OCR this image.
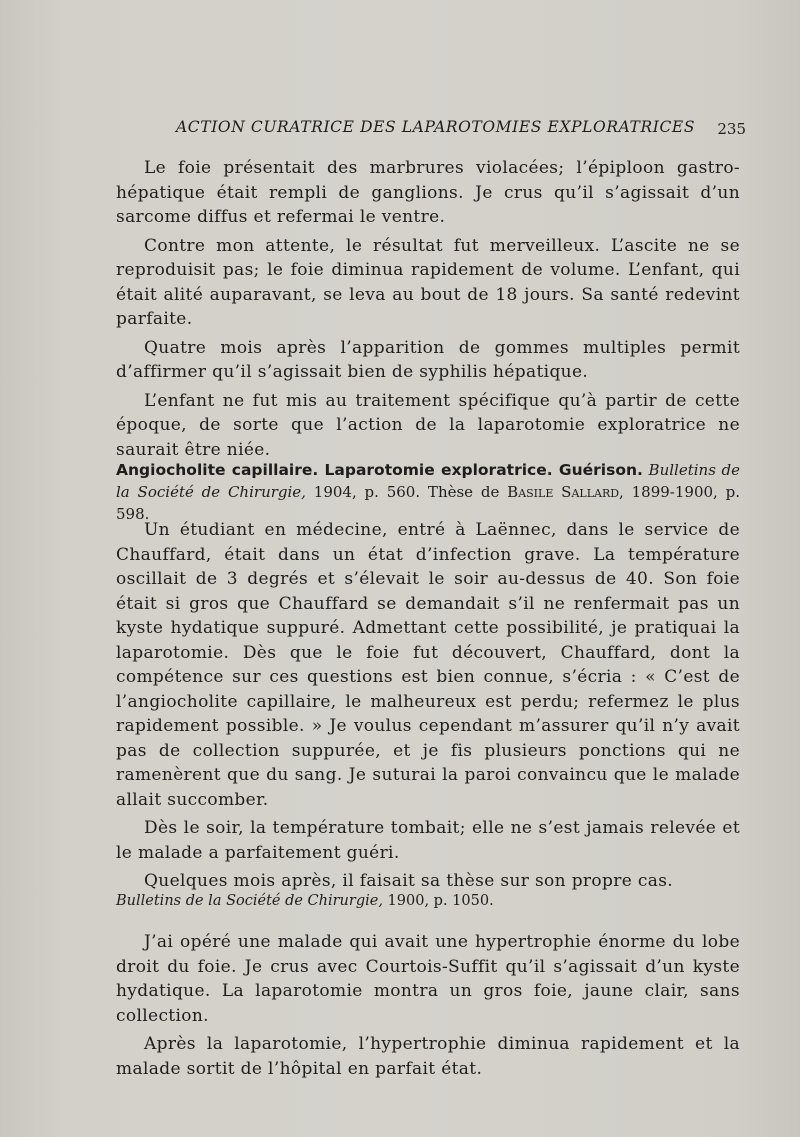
ACTION CURATRICE DES LAPAROTOMIES EXPLORATRICES 235

Le foie présentait des marbrures violacées; l’épiploon gastro-hépatique était rempli de ganglions. Je crus qu’il s’agissait d’un sarcome diffus et refermai le ventre.

Contre mon attente, le résultat fut merveilleux. L’ascite ne se reproduisit pas; le foie diminua rapidement de volume. L’enfant, qui était alité auparavant, se leva au bout de 18 jours. Sa santé redevint parfaite.

Quatre mois après l’apparition de gommes multiples permit d’affirmer qu’il s’agissait bien de syphilis hépatique.

L’enfant ne fut mis au traitement spécifique qu’à partir de cette époque, de sorte que l’action de la laparotomie exploratrice ne saurait être niée.

Angiocholite capillaire. Laparotomie exploratrice. Guérison. Bulletins de la Société de Chirurgie, 1904, p. 560. Thèse de Basile Sallard, 1899-1900, p. 598.

Un étudiant en médecine, entré à Laënnec, dans le service de Chauffard, était dans un état d’infection grave. La température oscillait de 3 degrés et s’élevait le soir au-dessus de 40. Son foie était si gros que Chauffard se demandait s’il ne renfermait pas un kyste hydatique suppuré. Admettant cette possibilité, je pratiquai la laparotomie. Dès que le foie fut découvert, Chauffard, dont la compétence sur ces questions est bien connue, s’écria : « C’est de l’angiocholite capillaire, le malheureux est perdu; refermez le plus rapidement possible. » Je voulus cependant m’assurer qu’il n’y avait pas de collection suppurée, et je fis plusieurs ponctions qui ne ramenèrent que du sang. Je suturai la paroi convaincu que le malade allait succomber.

Dès le soir, la température tombait; elle ne s’est jamais relevée et le malade a parfaitement guéri.

Quelques mois après, il faisait sa thèse sur son propre cas.

Bulletins de la Société de Chirurgie, 1900, p. 1050.

J’ai opéré une malade qui avait une hypertrophie énorme du lobe droit du foie. Je crus avec Courtois-Suffit qu’il s’agissait d’un kyste hydatique. La laparotomie montra un gros foie, jaune clair, sans collection.

Après la laparotomie, l’hypertrophie diminua rapidement et la malade sortit de l’hôpital en parfait état.
